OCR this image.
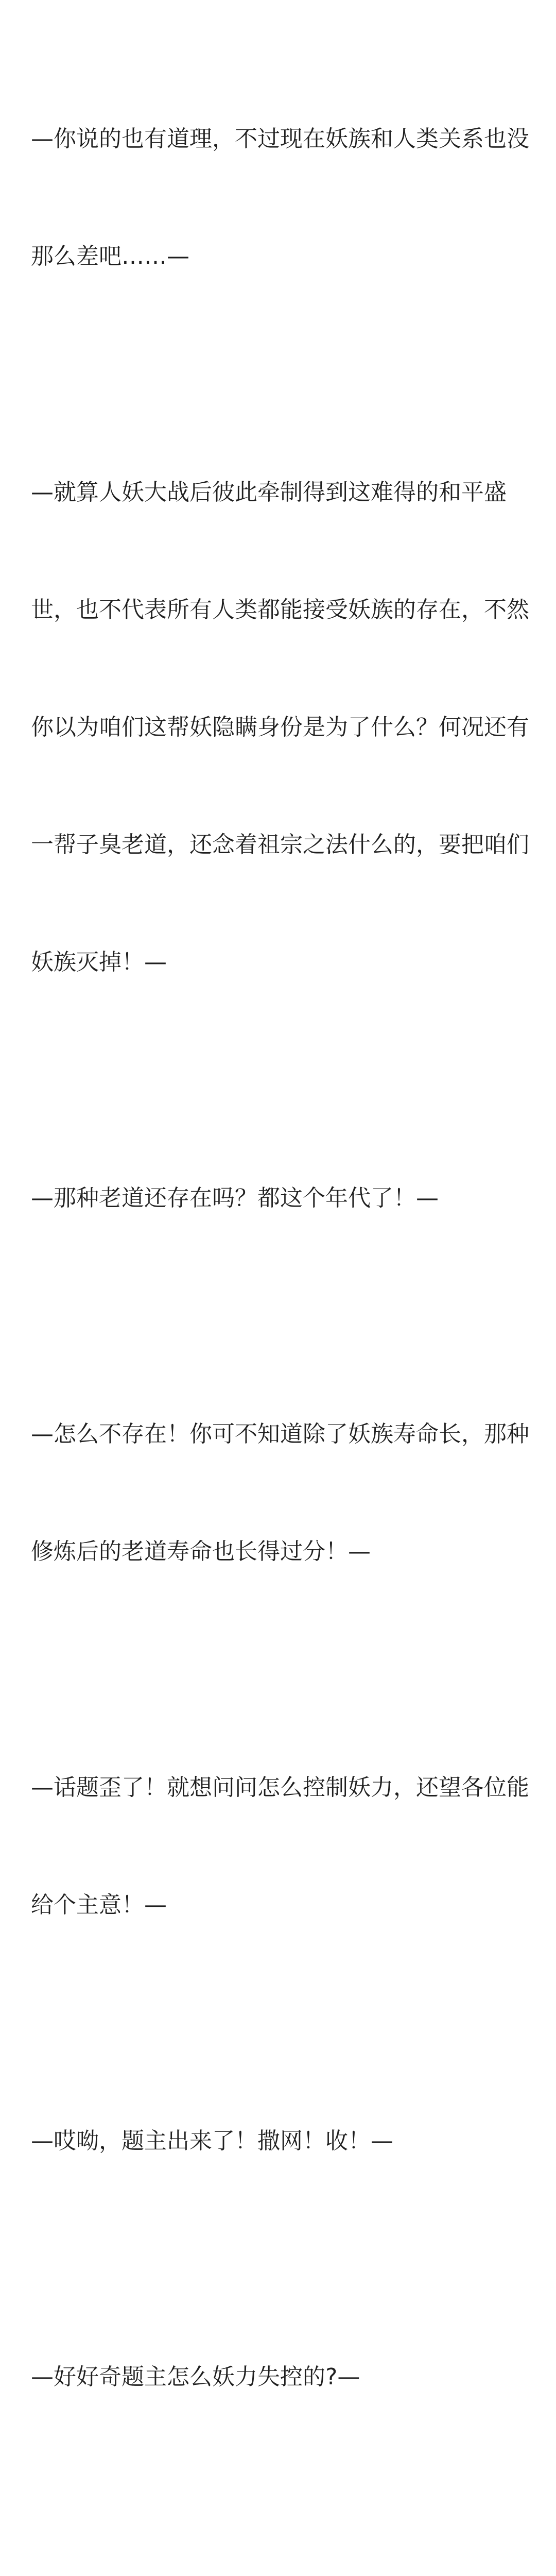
—你说的也有道理，不过现在妖族和人类关系也没

那么差吧……—

—就算人妖大战后彼此牵制得到这难得的和平盛

世，也不代表所有人类都能接受妖族的存在，不然

你以为咱们这帮妖隐瞒身份是为了什么？何况还有

一帮子臭老道，还念着祖宗之法什么的，要把咱们

妖族灭掉！—

—那种老道还存在吗？都这个年代了！—

—怎么不存在！你可不知道除了妖族寿命长，那种

修炼后的老道寿命也长得过分！—

—话题歪了！就想问问怎么控制妖力，还望各位能

给个主意！—

—哎呦，题主出来了！撒网！收！—

—好好奇题主怎么妖力失控的?—
